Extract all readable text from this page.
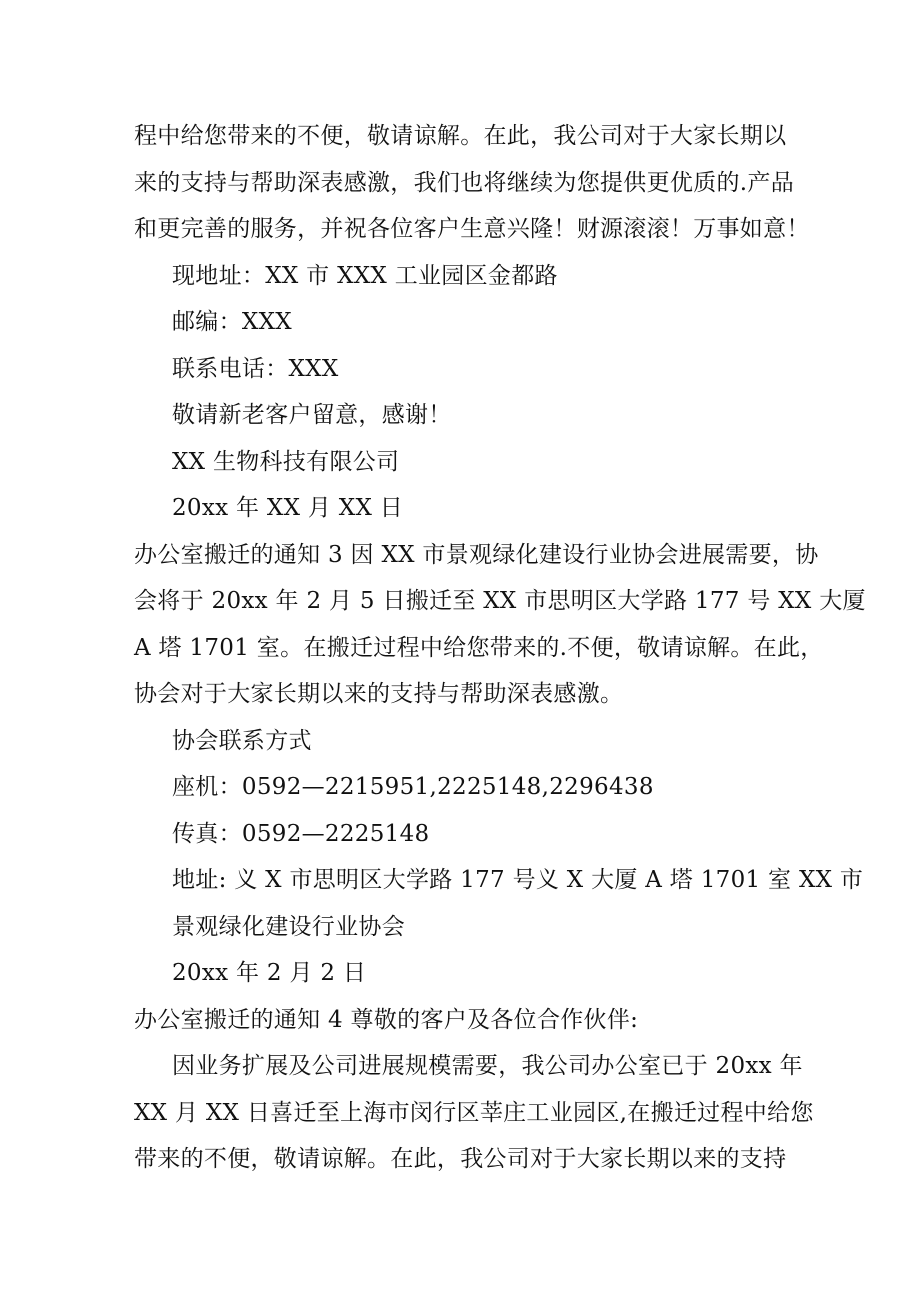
程中给您带来的不便，敬请谅解。在此，我公司对于大家长期以
来的支持与帮助深表感激，我们也将继续为您提供更优质的.产品
和更完善的服务，并祝各位客户生意兴隆！财源滚滚！万事如意！
现地址：XX 市 XXX 工业园区金都路
邮编：XXX
联系电话：XXX
敬请新老客户留意，感谢！
XX 生物科技有限公司
20xx 年 XX 月 XX 日
办公室搬迁的通知 3 因 XX 市景观绿化建设行业协会进展需要，协
会将于 20xx 年 2 月 5 日搬迁至 XX 市思明区大学路 177 号 XX 大厦
A 塔 1701 室。在搬迁过程中给您带来的.不便，敬请谅解。在此，
协会对于大家长期以来的支持与帮助深表感激。
协会联系方式
座机：0592—2215951,2225148,2296438
传真：0592—2225148
地址: 义 X 市思明区大学路 177 号义 X 大厦 A 塔 1701 室 XX 市
景观绿化建设行业协会
20xx 年 2 月 2 日
办公室搬迁的通知 4 尊敬的客户及各位合作伙伴:
因业务扩展及公司进展规模需要，我公司办公室已于 20xx 年
XX 月 XX 日喜迁至上海市闵行区莘庄工业园区,在搬迁过程中给您
带来的不便，敬请谅解。在此，我公司对于大家长期以来的支持
